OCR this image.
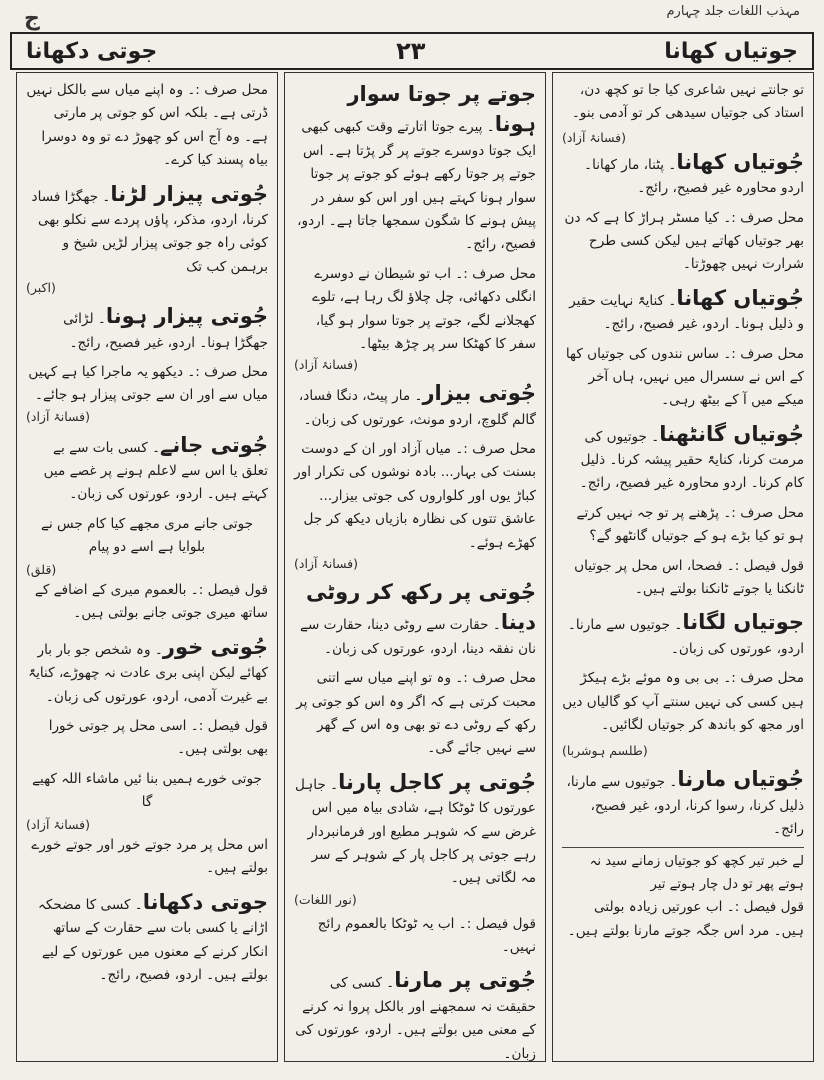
مہذب اللغات جلد چہارم
ج
جوتی دکھانا	۲۳	جوتیاں کھانا

تو جانتے نہیں شاعری کیا جا تو کچھ دن، استاد کی جوتیاں سیدھی کر تو آدمی بنو۔

(فسانۂ آزاد)
جُوتیاں کھانا۔ پٹنا، مار کھانا۔ اردو محاورہ غیر فصیح، رائج۔
محل صرف :۔ کیا مسٹر ہراڑ کا ہے کہ دن بھر جوتیاں کھاتے ہیں لیکن کسی طرح شرارت نہیں چھوڑتا۔
جُوتیاں کھانا۔ کنایۃً نہایت حقیر و ذلیل ہونا۔ اردو، غیر فصیح، رائج۔
محل صرف :۔ ساس نندوں کی جوتیاں کھا کے اس نے سسرال میں نہیں، ہاں آخر میکے میں آ کے بیٹھ رہی۔
جُوتیاں گانٹھنا۔ جوتیوں کی مرمت کرنا، کنایۃً حقیر پیشہ کرنا۔ ذلیل کام کرنا۔ اردو محاورہ غیر فصیح، رائج۔
محل صرف :۔ پڑھنے پر تو جہ نہیں کرتے ہو تو کیا بڑے ہو کے جوتیاں گانٹھو گے؟
قول فیصل :۔ فصحا، اس محل پر جوتیاں ٹانکنا یا جوتے ٹانکنا بولتے ہیں۔
جوتیاں لگانا۔ جوتیوں سے مارنا۔ اردو، عورتوں کی زبان۔
محل صرف :۔ بی بی وہ موئے بڑے ہیکڑ ہیں کسی کی نہیں سنتے آپ کو گالیاں دیں اور مجھ کو باندھ کر جوتیاں لگائیں۔
(طلسم ہوشربا)
جُوتیاں مارنا۔ جوتیوں سے مارنا، ذلیل کرنا، رسوا کرنا، اردو، غیر فصیح، رائج۔
لے خبر تیر کچھ کو جوتیاں زمانے سید نہ ہوتے پھر تو دل چار ہوتے تیر

قول فیصل :۔ اب عورتیں زیادہ بولتی ہیں۔ مرد اس جگہ جوتے مارنا بولتے ہیں۔

جوتے پر جوتا سوار ہونا۔ پیرے جوتا اتارتے وقت کبھی کبھی ایک جوتا دوسرے جوتے پر گر پڑتا ہے۔ اس جوتے پر جوتا رکھے ہوئے کو جوتے پر جوتا سوار ہونا کہتے ہیں اور اس کو سفر در پیش ہونے کا شگون سمجھا جاتا ہے۔ اردو، فصیح، رائج۔
محل صرف :۔ اب تو شیطان نے دوسرے انگلی دکھائی، چل چلاؤ لگ رہا ہے، تلوے کھجلانے لگے، جوتے پر جوتا سوار ہو گیا، سفر کا کھٹکا سر پر چڑھ بیٹھا۔
(فسانۂ آزاد)
جُوتی بیزار۔ مار پیٹ، دنگا فساد، گالم گلوچ، اردو مونث، عورتوں کی زبان۔
محل صرف :۔ میاں آزاد اور ان کے دوست بسنت کی بہار... بادہ نوشوں کی تکرار اور کباڑ یوں اور کلواروں کی جوتی بیزار... عاشق تتوں کی نظارہ بازیاں دیکھ کر جل کھڑے ہوئے۔
(فسانۂ آزاد)
جُوتی پر رکھ کر روٹی دینا۔ حقارت سے روٹی دینا، حقارت سے نان نفقہ دینا، اردو، عورتوں کی زبان۔
محل صرف :۔ وہ تو اپنے میاں سے اتنی محبت کرتی ہے کہ اگر وہ اس کو جوتی پر رکھ کے روٹی دے تو بھی وہ اس کے گھر سے نہیں جائے گی۔
جُوتی پر کاجل پارنا۔ جاہل عورتوں کا ٹوٹکا ہے، شادی بیاہ میں اس غرض سے کہ شوہر مطیع اور فرمانبردار رہے جوتی پر کاجل پار کے شوہر کے سر مہ لگاتی ہیں۔
(نور اللغات)
قول فیصل :۔ اب یہ ٹوٹکا بالعموم رائج نہیں۔
جُوتی پر مارنا۔ کسی کی حقیقت نہ سمجھنے اور بالکل پروا نہ کرنے کے معنی میں بولتے ہیں۔ اردو، عورتوں کی زبان۔
محل صرف :۔ وہ اپنے میاں سے بالکل نہیں ڈرتی ہے۔ بلکہ اس کو جوتی پر مارتی ہے۔ وہ آج اس کو چھوڑ دے تو وہ دوسرا بیاہ پسند کیا کرے۔
جُوتی پیزار لڑنا۔ جھگڑا فساد کرنا، اردو، مذکر، پاؤں پردے سے نکلو بھی کوئی راہ جو جوتی پیزار لڑیں شیخ و برہمن کب تک
(اکبر)
جُوتی پیزار ہونا۔ لڑائی جھگڑا ہونا۔ اردو، غیر فصیح، رائج۔
محل صرف :۔ دیکھو یہ ماجرا کیا ہے کہیں میاں سے اور ان سے جوتی پیزار ہو جائے۔
(فسانۂ آزاد)
جُوتی جانے۔ کسی بات سے بے تعلق یا اس سے لاعلم ہونے پر غصے میں کہتے ہیں۔ اردو، عورتوں کی زبان۔
جوتی جانے مری مجھے کیا کام جس نے بلوایا ہے اسے دو پیام
(قلق)
قول فیصل :۔ بالعموم میری کے اضافے کے ساتھ میری جوتی جانے بولتی ہیں۔
جُوتی خور۔ وہ شخص جو بار بار کھائے لیکن اپنی بری عادت نہ چھوڑے، کنایۃً بے غیرت آدمی، اردو، عورتوں کی زبان۔
قول فیصل :۔ اسی محل پر جوتی خورا بھی بولتی ہیں۔
جوتی خورے ہمیں بنا ئیں ماشاء اللہ کھیے گا
(فسانۂ آزاد)
اس محل پر مرد جوتے خور اور جوتے خورے بولتے ہیں۔
جوتی دکھانا۔ کسی کا مضحکہ اڑانے یا کسی بات سے حقارت کے ساتھ انکار کرنے کے معنوں میں عورتوں کے لیے بولتے ہیں۔ اردو، فصیح، رائج۔
